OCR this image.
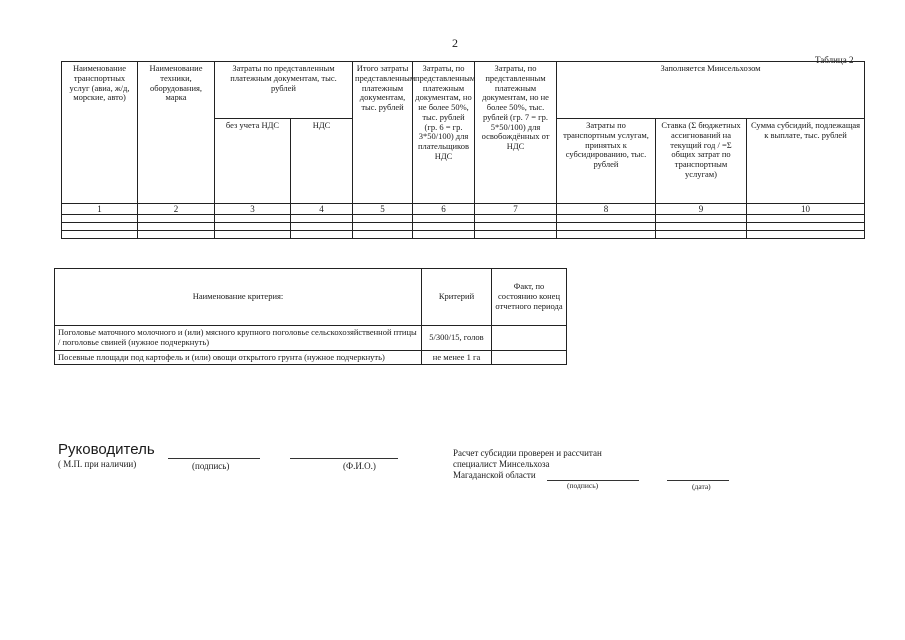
2
Таблица 2
Наименование транспортных услуг (авиа, ж/д, морские, авто)	Наименование техники, оборудования, марка	Затраты по представленным платежным документам, тыс. рублей		Итого затраты представленным платежным документам, тыс. рублей	Затраты, по представленным платежным документам, но не более 50%, тыс. рублей (гр. 6 = гр. 3*50/100) для плательщиков НДС	Затраты, по представленным платежным документам, но не более 50%, тыс. рублей (гр. 7 = гр. 5*50/100) для освобождённых от НДС	Заполняется Минсельхозом		
		без учета НДС	НДС				Затраты по транспортным услугам, принятых к субсидированию, тыс. рублей	Ставка (Σ бюджетных ассигнований на текущий год / =Σ общих затрат по транспортным услугам)	Сумма субсидий, подлежащая к выплате, тыс. рублей
1	2	3	4	5	6	7	8	9	10

Наименование критерия:	Критерий	Факт, по состоянию конец отчетного периода
Поголовье маточного молочного и (или) мясного крупного поголовье сельскохозяйственной птицы / поголовье свиней (нужное подчеркнуть)	5/300/15, голов	
Посевные площади под картофель и (или) овощи открытого грунта (нужное подчеркнуть)	не менее 1 га	
Руководитель
( М.П. при наличии)	(подпись)	(Ф.И.О.)
Расчет субсидии проверен и рассчитан
специалист Минсельхоза
Магаданской области
(подпись)	(дата)
